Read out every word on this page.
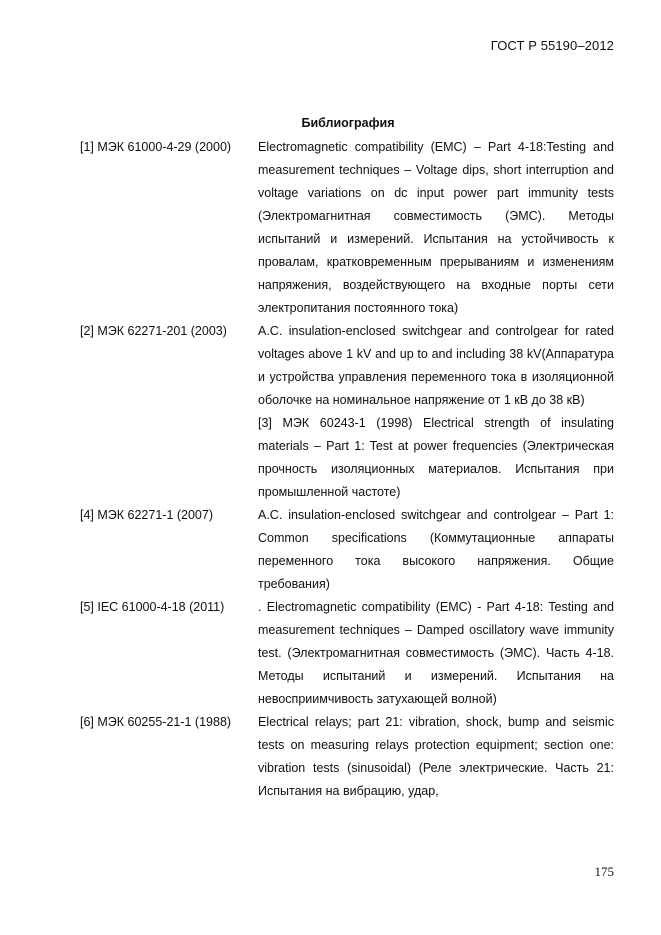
ГОСТ Р 55190–2012
Библиография
[1] МЭК 61000-4-29 (2000)	Electromagnetic compatibility (EMC) – Part 4-18:Testing and measurement techniques – Voltage dips, short interruption and voltage variations on dc input power part immunity tests (Электромагнитная совместимость (ЭМС). Методы испытаний и измерений. Испытания на устойчивость к провалам, кратковременным прерываниям и изменениям напряжения, воздействующего на входные порты сети электропитания постоянного тока)
[2] МЭК 62271-201 (2003)	A.C. insulation-enclosed switchgear and controlgear for rated voltages above 1 kV and up to and including 38 kV(Аппаратура и устройства управления переменного тока в изоляционной оболочке на номинальное напряжение от 1 кВ до 38 кВ)
[3] МЭК 60243-1 (1998) Electrical strength of insulating materials – Part 1: Test at power frequencies (Электрическая прочность изоляционных материалов. Испытания при промышленной частоте)
[4] МЭК 62271-1 (2007)	A.C. insulation-enclosed switchgear and controlgear – Part 1: Common specifications (Коммутационные аппараты переменного тока высокого напряжения. Общие требования)
[5] IEC 61000-4-18 (2011)	. Electromagnetic compatibility (EMC) - Part 4-18: Testing and measurement techniques – Damped oscillatory wave immunity test. (Электромагнитная совместимость (ЭМС). Часть 4-18. Методы испытаний и измерений. Испытания на невосприимчивость затухающей волной)
[6] МЭК 60255-21-1 (1988)	Electrical relays; part 21: vibration, shock, bump and seismic tests on measuring relays protection equipment; section one: vibration tests (sinusoidal) (Реле электрические. Часть 21: Испытания на вибрацию, удар,
175
